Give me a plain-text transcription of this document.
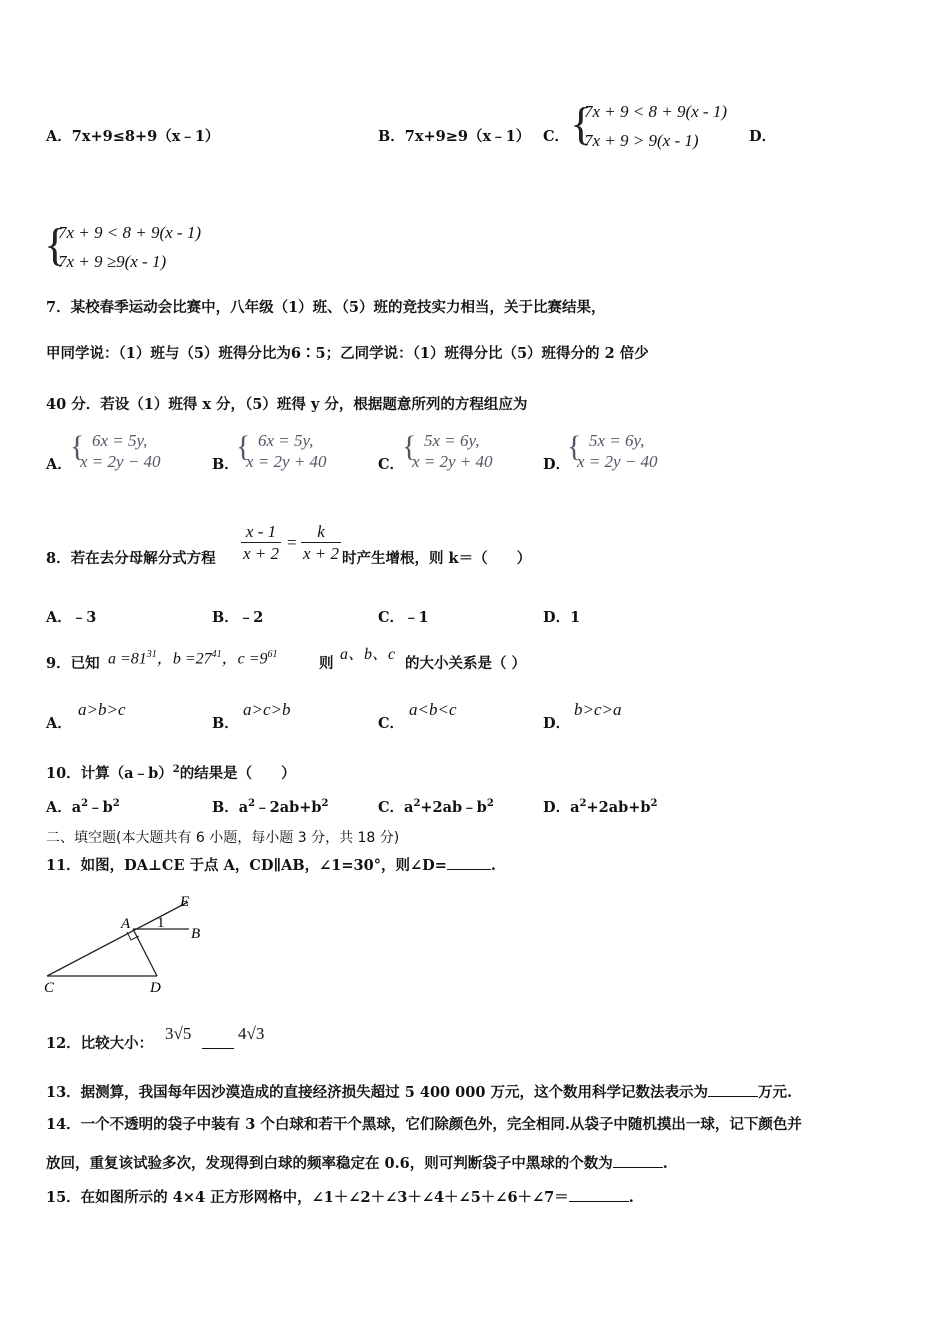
A．7x+9≤8+9（x﹣1）	B．7x+9≥9（x﹣1） C． {
7x + 9 < 8 + 9(x - 1)
7x + 9 > 9(x - 1)	D．
{
7x + 9 < 8 + 9(x - 1)
7x + 9 ≥9(x - 1)
7．某校春季运动会比赛中，八年级（1）班、（5）班的竞技实力相当，关于比赛结果，
甲同学说：（1）班与（5）班得分比为6∶5；乙同学说：（1）班得分比（5）班得分的 2 倍少
40 分．若设（1）班得 x 分，（5）班得 y 分，根据题意所列的方程组应为
A．
{ 6x = 5y,
x = 2y − 40	B．
{ 6x = 5y,
x = 2y + 40	C．
{ 5x = 6y,
x = 2y + 40	D．
{ 5x = 6y,
x = 2y − 40
8．若在去分母解分式方程 $\frac{x - 1}{x + 2} = \frac{k}{x + 2}$ 时产生增根，则 k＝（　　）
A．﹣3	B．﹣2	C．﹣1	D．1
9．已知 $a =81^{31}$，$b =27^{41}$，$c =9^{61}$
则
a、b、c
的大小关系是（ ）
A．
a>b>c
B．
a>c>b
C．
a<b<c
D．
b>c>a
10．计算（a﹣b）$^2$的结果是（　　）
A．$a^2﹣b^2$	B．$a^2﹣2ab+b^2$	C．$a^2+2ab﹣b^2$	D．$a^2+2ab+b^2$
二、填空题(本大题共有 6 小题，每小题 3 分，共 18 分)
11．如图，DA⊥CE 于点 A，CD∥AB，∠1=30°，则∠D=	.
E
A 1
B
C	D
12．比较大小：
3√5	4√3
13．据测算，我国每年因沙漠造成的直接经济损失超过 5 400 000 万元，这个数用科学记数法表示为	万元.
14．一个不透明的袋子中装有 3 个白球和若干个黑球，它们除颜色外，完全相同.从袋子中随机摸出一球，记下颜色并
放回，重复该试验多次，发现得到白球的频率稳定在 0.6，则可判断袋子中黑球的个数为	.
15．在如图所示的 4×4 正方形网格中，∠1＋∠2＋∠3＋∠4＋∠5＋∠6＋∠7＝	.
